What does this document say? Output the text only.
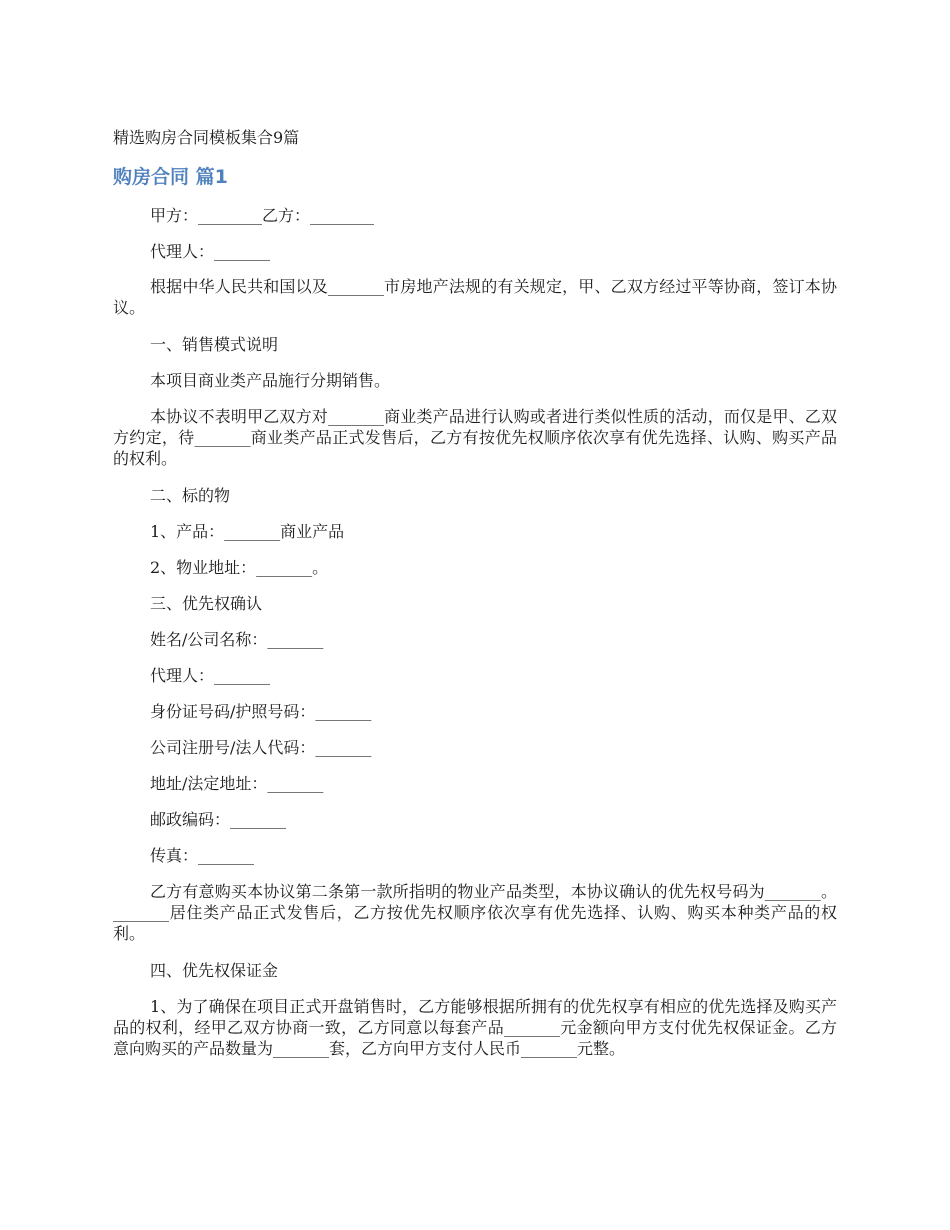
精选购房合同模板集合9篇
购房合同 篇1
甲方：________乙方：________
代理人：_______
根据中华人民共和国以及_______市房地产法规的有关规定，甲、乙双方经过平等协商，签订本协议。
一、销售模式说明
本项目商业类产品施行分期销售。
本协议不表明甲乙双方对_______商业类产品进行认购或者进行类似性质的活动，而仅是甲、乙双方约定，待_______商业类产品正式发售后，乙方有按优先权顺序依次享有优先选择、认购、购买产品的权利。
二、标的物
1、产品：_______商业产品
2、物业地址：_______。
三、优先权确认
姓名/公司名称：_______
代理人：_______
身份证号码/护照号码：_______
公司注册号/法人代码：_______
地址/法定地址：_______
邮政编码：_______
传真：_______
乙方有意购买本协议第二条第一款所指明的物业产品类型，本协议确认的优先权号码为_______。_______居住类产品正式发售后，乙方按优先权顺序依次享有优先选择、认购、购买本种类产品的权利。
四、优先权保证金
1、为了确保在项目正式开盘销售时，乙方能够根据所拥有的优先权享有相应的优先选择及购买产品的权利，经甲乙双方协商一致，乙方同意以每套产品_______元金额向甲方支付优先权保证金。乙方意向购买的产品数量为_______套，乙方向甲方支付人民币_______元整。
